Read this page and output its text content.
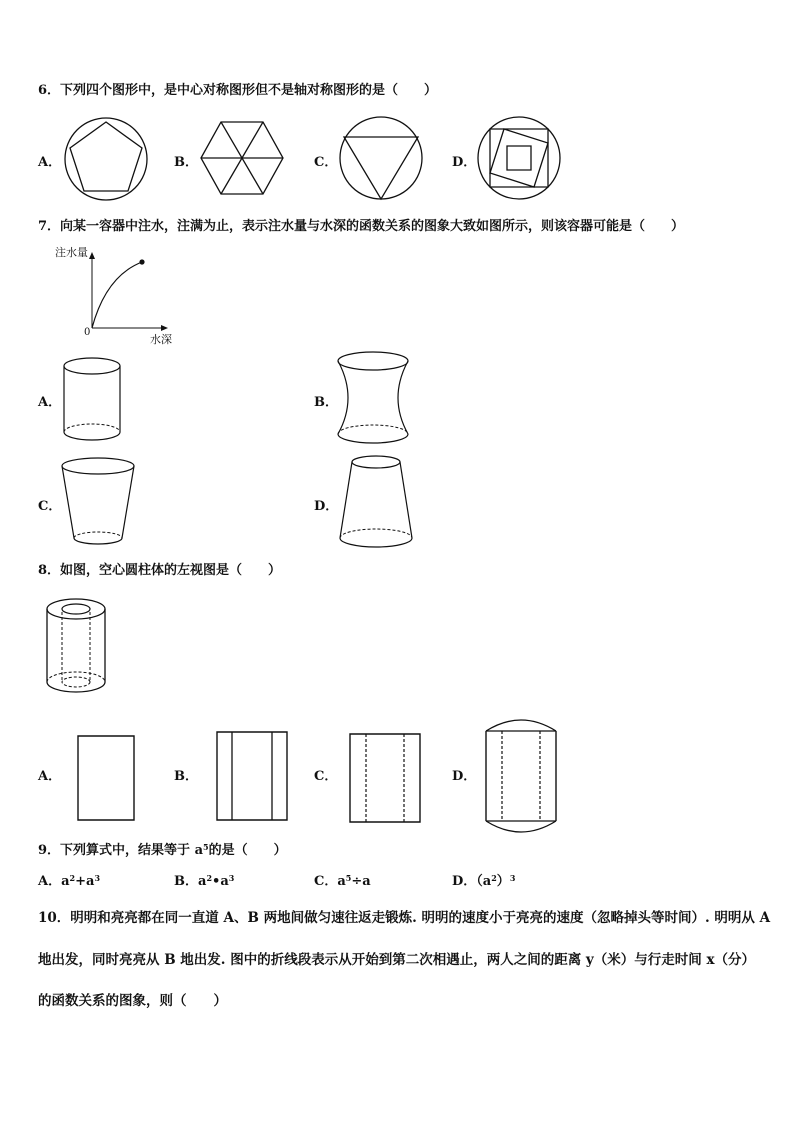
6．下列四个图形中，是中心对称图形但不是轴对称图形的是（　　）
A．	B．	C．	D．
7．向某一容器中注水，注满为止，表示注水量与水深的函数关系的图象大致如图所示，则该容器可能是（　　）
注水量
水深
0
A．	B．
C．	D．
8．如图，空心圆柱体的左视图是（　　）
A．	B．	C．	D．
9．下列算式中，结果等于 $a^5$的是（　　）
A．$a^2+a^3$	B．$a^2•a^3$	C．$a^5\div a$	D．$(a^2)^3$
10．明明和亮亮都在同一直道 A、B 两地间做匀速往返走锻炼. 明明的速度小于亮亮的速度（忽略掉头等时间）. 明明从 A
地出发，同时亮亮从 B 地出发. 图中的折线段表示从开始到第二次相遇止，两人之间的距离 y（米）与行走时间 x（分）
的函数关系的图象，则（　　）
